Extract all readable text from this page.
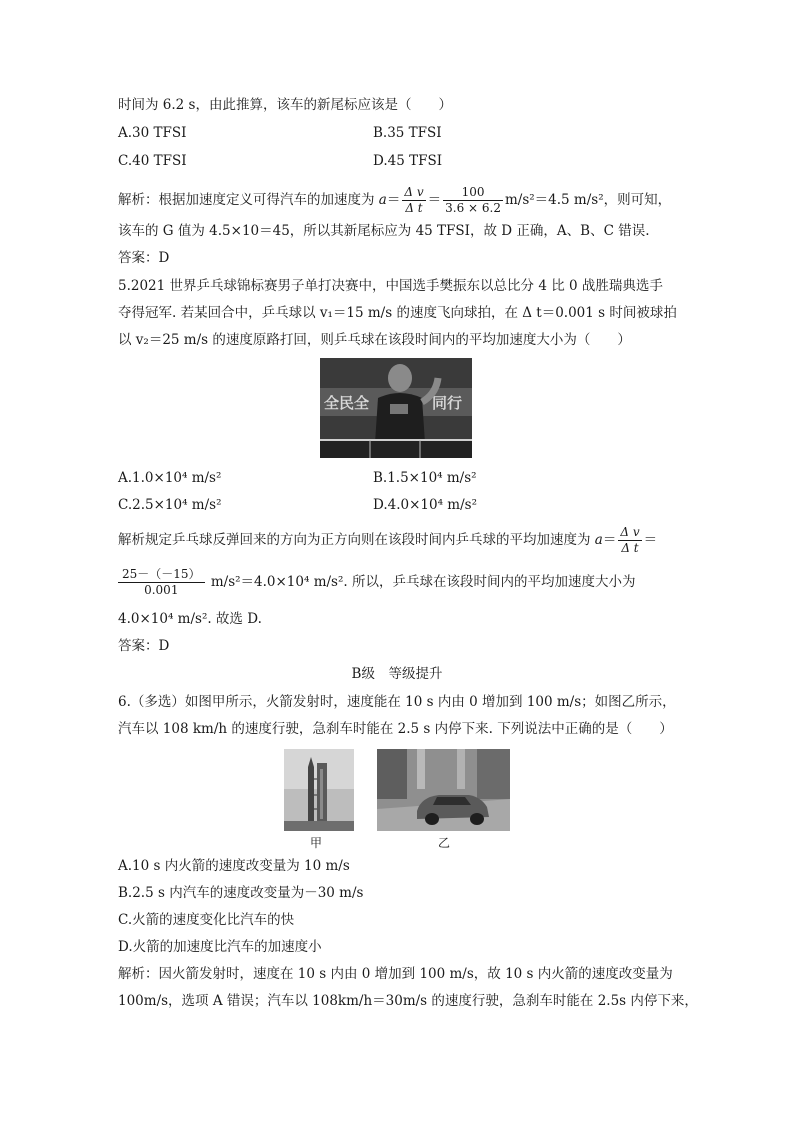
时间为 6.2 s，由此推算，该车的新尾标应该是（　　）
A.30 TFSI	B.35 TFSI
C.40 TFSI	D.45 TFSI
解析：根据加速度定义可得汽车的加速度为 $a= \frac{\text{Δ v}}{\text{Δ t}} = \frac{100}{3.6 \times 6.2} m/s^2=4.5$ m/s²，则可知，
该车的 G 值为 4.5×10＝45，所以其新尾标应为 45 TFSI，故 D 正确，A、B、C 错误.
答案：D
5.2021 世界乒乓球锦标赛男子单打决赛中，中国选手樊振东以总比分 4 比 0 战胜瑞典选手
夺得冠军. 若某回合中，乒乓球以 v₁＝15 m/s 的速度飞向球拍，在 Δ t＝0.001 s 时间被球拍
以 v₂＝25 m/s 的速度原路打回，则乒乓球在该段时间内的平均加速度大小为（　　）
全民全	同行
A.1.0×10⁴ m/s²	B.1.5×10⁴ m/s²
C.2.5×10⁴ m/s²	D.4.0×10⁴ m/s²
解析规定乒乓球反弹回来的方向为正方向则在该段时间内乒乓球的平均加速度为 $a= \frac{\text{Δ v}}{\text{Δ t}}$ ＝
$\frac{25-(-15)}{0.001} m/s^2=4.0\times 10^4$ m/s². 所以，乒乓球在该段时间内的平均加速度大小为
4.0×10⁴ m/s². 故选 D.
答案：D
B级　等级提升
6.（多选）如图甲所示，火箭发射时，速度能在 10 s 内由 0 增加到 100 m/s；如图乙所示，
汽车以 108 km/h 的速度行驶，急刹车时能在 2.5 s 内停下来. 下列说法中正确的是（　　）
甲	乙
A.10 s 内火箭的速度改变量为 10 m/s
B.2.5 s 内汽车的速度改变量为－30 m/s
C.火箭的速度变化比汽车的快
D.火箭的加速度比汽车的加速度小
解析：因火箭发射时，速度在 10 s 内由 0 增加到 100 m/s，故 10 s 内火箭的速度改变量为
100m/s，选项 A 错误；汽车以 108km/h＝30m/s 的速度行驶，急刹车时能在 2.5s 内停下来，
